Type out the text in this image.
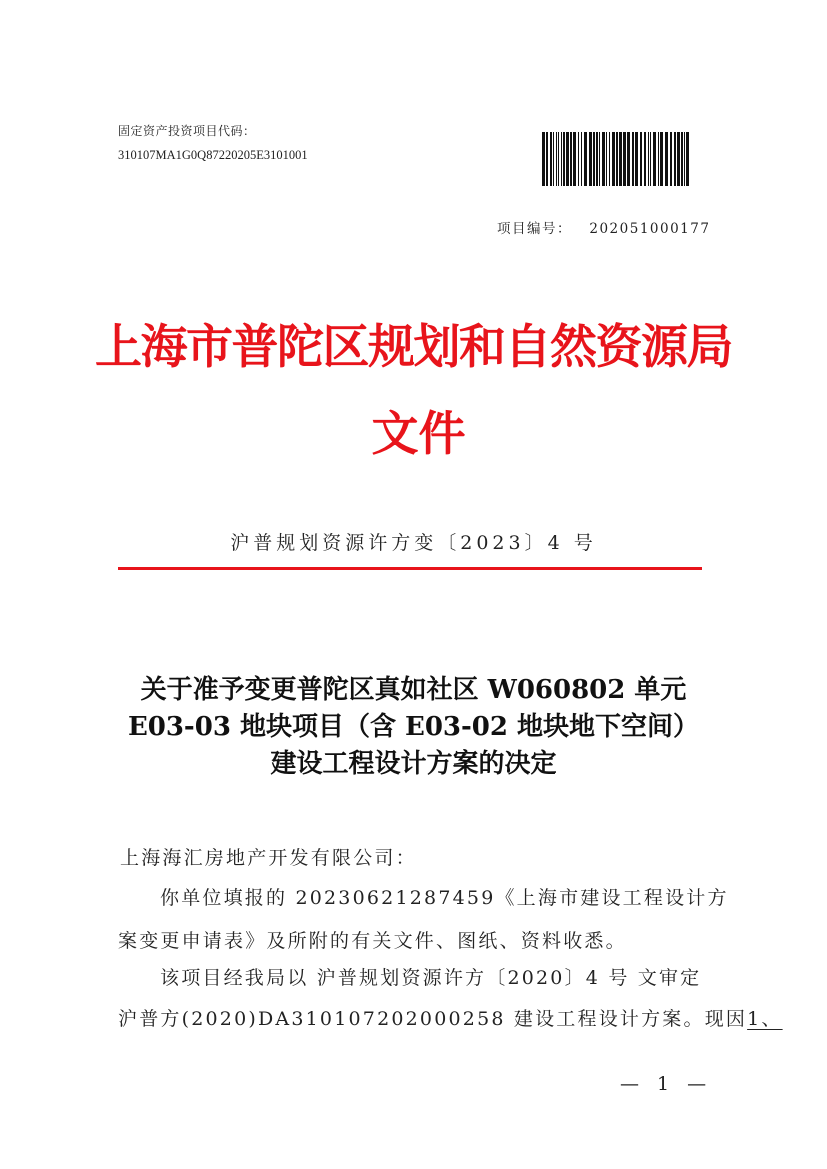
固定资产投资项目代码：
310107MA1G0Q87220205E3101001
项目编号： 202051000177
上海市普陀区规划和自然资源局
文件
沪普规划资源许方变〔2023〕4 号
关于准予变更普陀区真如社区 W060802 单元
E03-03 地块项目（含 E03-02 地块地下空间）
建设工程设计方案的决定
上海海汇房地产开发有限公司：
你单位填报的 20230621287459《上海市建设工程设计方
案变更申请表》及所附的有关文件、图纸、资料收悉。
该项目经我局以 沪普规划资源许方〔2020〕4 号 文审定
沪普方(2020)DA310107202000258 建设工程设计方案。现因1、
— 1 —
